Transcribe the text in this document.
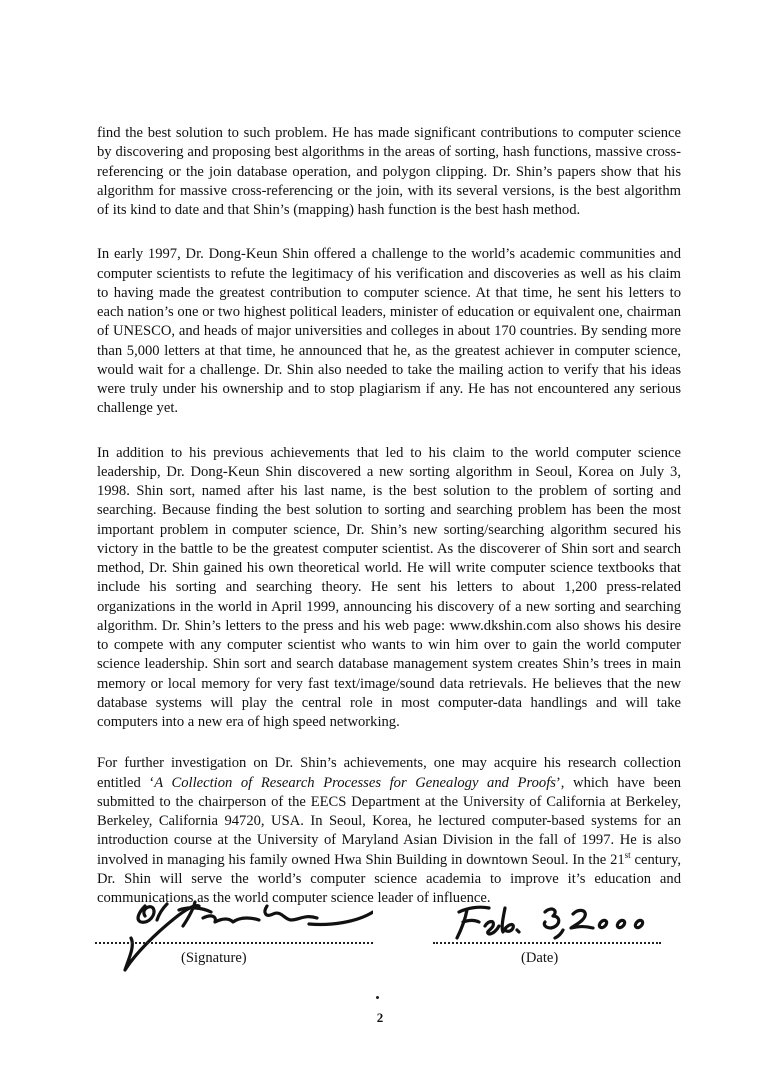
find the best solution to such problem. He has made significant contributions to computer science by discovering and proposing best algorithms in the areas of sorting, hash functions, massive cross-referencing or the join database operation, and polygon clipping. Dr. Shin’s papers show that his algorithm for massive cross-referencing or the join, with its several versions, is the best algorithm of its kind to date and that Shin’s (mapping) hash function is the best hash method.

In early 1997, Dr. Dong-Keun Shin offered a challenge to the world’s academic communities and computer scientists to refute the legitimacy of his verification and discoveries as well as his claim to having made the greatest contribution to computer science. At that time, he sent his letters to each nation’s one or two highest political leaders, minister of education or equivalent one, chairman of UNESCO, and heads of major universities and colleges in about 170 countries. By sending more than 5,000 letters at that time, he announced that he, as the greatest achiever in computer science, would wait for a challenge. Dr. Shin also needed to take the mailing action to verify that his ideas were truly under his ownership and to stop plagiarism if any. He has not encountered any serious challenge yet.

In addition to his previous achievements that led to his claim to the world computer science leadership, Dr. Dong-Keun Shin discovered a new sorting algorithm in Seoul, Korea on July 3, 1998. Shin sort, named after his last name, is the best solution to the problem of sorting and searching. Because finding the best solution to sorting and searching problem has been the most important problem in computer science, Dr. Shin’s new sorting/searching algorithm secured his victory in the battle to be the greatest computer scientist. As the discoverer of Shin sort and search method, Dr. Shin gained his own theoretical world. He will write computer science textbooks that include his sorting and searching theory. He sent his letters to about 1,200 press-related organizations in the world in April 1999, announcing his discovery of a new sorting and searching algorithm. Dr. Shin’s letters to the press and his web page: www.dkshin.com also shows his desire to compete with any computer scientist who wants to win him over to gain the world computer science leadership. Shin sort and search database management system creates Shin’s trees in main memory or local memory for very fast text/image/sound data retrievals. He believes that the new database systems will play the central role in most computer-data handlings and will take computers into a new era of high speed networking.

For further investigation on Dr. Shin’s achievements, one may acquire his research collection entitled ‘A Collection of Research Processes for Genealogy and Proofs’, which have been submitted to the chairperson of the EECS Department at the University of California at Berkeley, Berkeley, California 94720, USA. In Seoul, Korea, he lectured computer-based systems for an introduction course at the University of Maryland Asian Division in the fall of 1997. He is also involved in managing his family owned Hwa Shin Building in downtown Seoul. In the 21st century, Dr. Shin will serve the world’s computer science academia to improve it’s education and communications as the world computer science leader of influence.

(Signature)	(Date)
2
